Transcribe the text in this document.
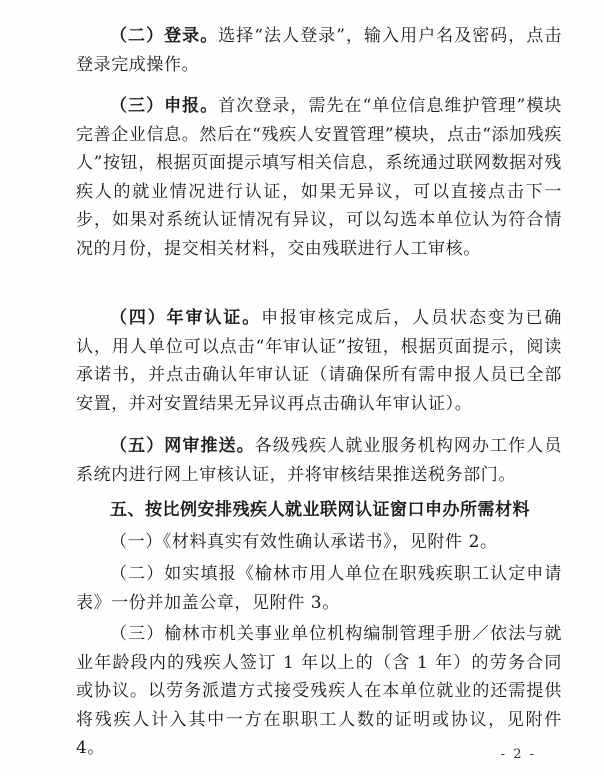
（二）登录。选择“法人登录”，输入用户名及密码，点击登录完成操作。

（三）申报。首次登录，需先在“单位信息维护管理”模块完善企业信息。然后在“残疾人安置管理”模块，点击“添加残疾人”按钮，根据页面提示填写相关信息，系统通过联网数据对残疾人的就业情况进行认证，如果无异议，可以直接点击下一步，如果对系统认证情况有异议，可以勾选本单位认为符合情况的月份，提交相关材料，交由残联进行人工审核。

（四）年审认证。申报审核完成后，人员状态变为已确认，用人单位可以点击“年审认证”按钮，根据页面提示，阅读承诺书，并点击确认年审认证（请确保所有需申报人员已全部安置，并对安置结果无异议再点击确认年审认证）。

（五）网审推送。各级残疾人就业服务机构网办工作人员系统内进行网上审核认证，并将审核结果推送税务部门。

五、按比例安排残疾人就业联网认证窗口申办所需材料

（一）《材料真实有效性确认承诺书》，见附件 2。

（二）如实填报《榆林市用人单位在职残疾职工认定申请表》一份并加盖公章，见附件 3。

（三）榆林市机关事业单位机构编制管理手册／依法与就业年龄段内的残疾人签订 1 年以上的（含 1 年）的劳务合同或协议。以劳务派遣方式接受残疾人在本单位就业的还需提供将残疾人计入其中一方在职职工人数的证明或协议，见附件 4。	- 2 -
